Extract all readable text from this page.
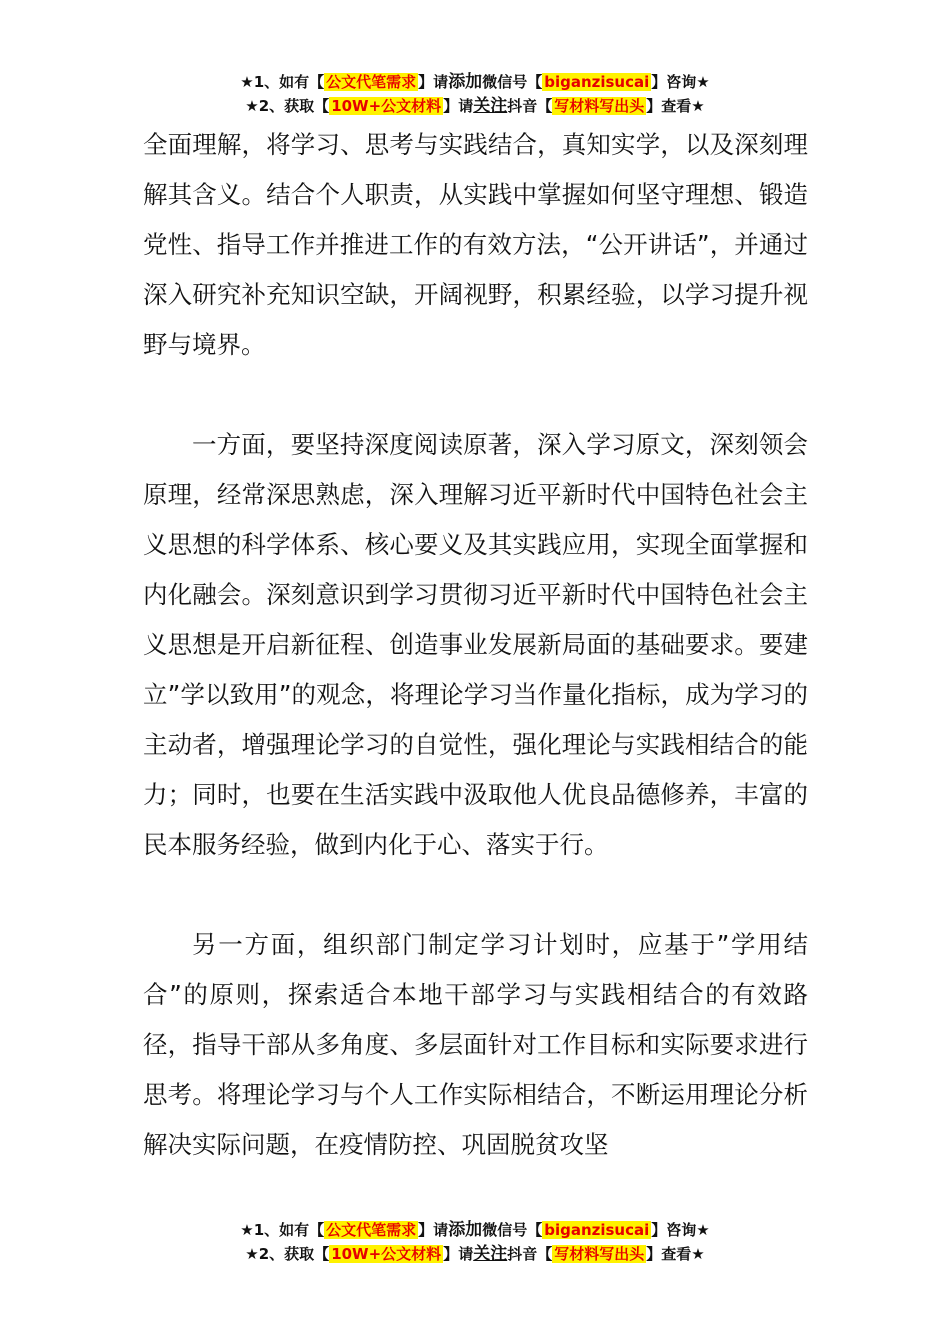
★1、如有【 公文代笔需求 】请添加微信号【 biganzisucai 】咨询★
★2、获取【 10W+公文材料 】请关注抖音【 写材料写出头 】查看★

全面理解，将学习、思考与实践结合，真知实学，以及深刻理解其含义。结合个人职责，从实践中掌握如何坚守理想、锻造党性、指导工作并推进工作的有效方法，“公开讲话”，并通过深入研究补充知识空缺，开阔视野，积累经验，以学习提升视野与境界。

一方面，要坚持深度阅读原著，深入学习原文，深刻领会原理，经常深思熟虑，深入理解习近平新时代中国特色社会主义思想的科学体系、核心要义及其实践应用，实现全面掌握和内化融会。深刻意识到学习贯彻习近平新时代中国特色社会主义思想是开启新征程、创造事业发展新局面的基础要求。要建立”学以致用”的观念，将理论学习当作量化指标，成为学习的主动者，增强理论学习的自觉性，强化理论与实践相结合的能力；同时，也要在生活实践中汲取他人优良品德修养，丰富的民本服务经验，做到内化于心、落实于行。

另一方面，组织部门制定学习计划时，应基于”学用结合”的原则，探索适合本地干部学习与实践相结合的有效路径，指导干部从多角度、多层面针对工作目标和实际要求进行思考。将理论学习与个人工作实际相结合，不断运用理论分析解决实际问题，在疫情防控、巩固脱贫攻坚

★1、如有【 公文代笔需求 】请添加微信号【 biganzisucai 】咨询★
★2、获取【 10W+公文材料 】请关注抖音【 写材料写出头 】查看★
